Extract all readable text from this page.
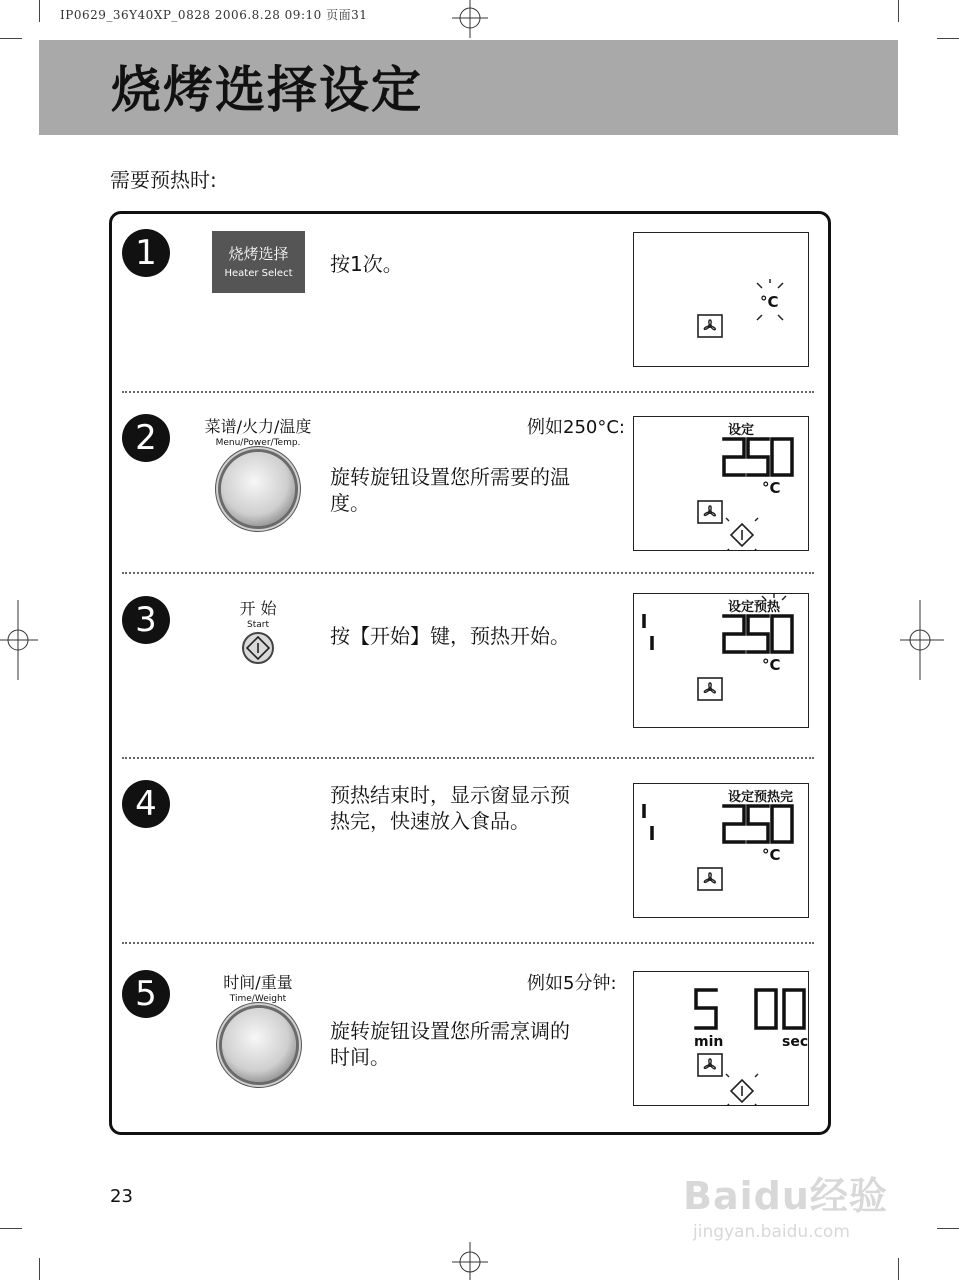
IP0629_36Y40XP_0828 2006.8.28 09:10 页面31
烧烤选择设定
需要预热时:
1	烧烤选择
Heater Select	按1次。
°C
2	菜谱/火力/温度
Menu/Power/Temp.
例如250°C:
旋转旋钮设置您所需要的温度。
设定
°C
3	开 始
Start	按【开始】键，预热开始。
设定预热
°C
4	预热结束时，显示窗显示预热完，快速放入食品。
设定预热完
°C
5	时间/重量
Time/Weight
例如5分钟:
旋转旋钮设置您所需烹调的时间。
min	sec
23	Baidu经验
jingyan.baidu.com
